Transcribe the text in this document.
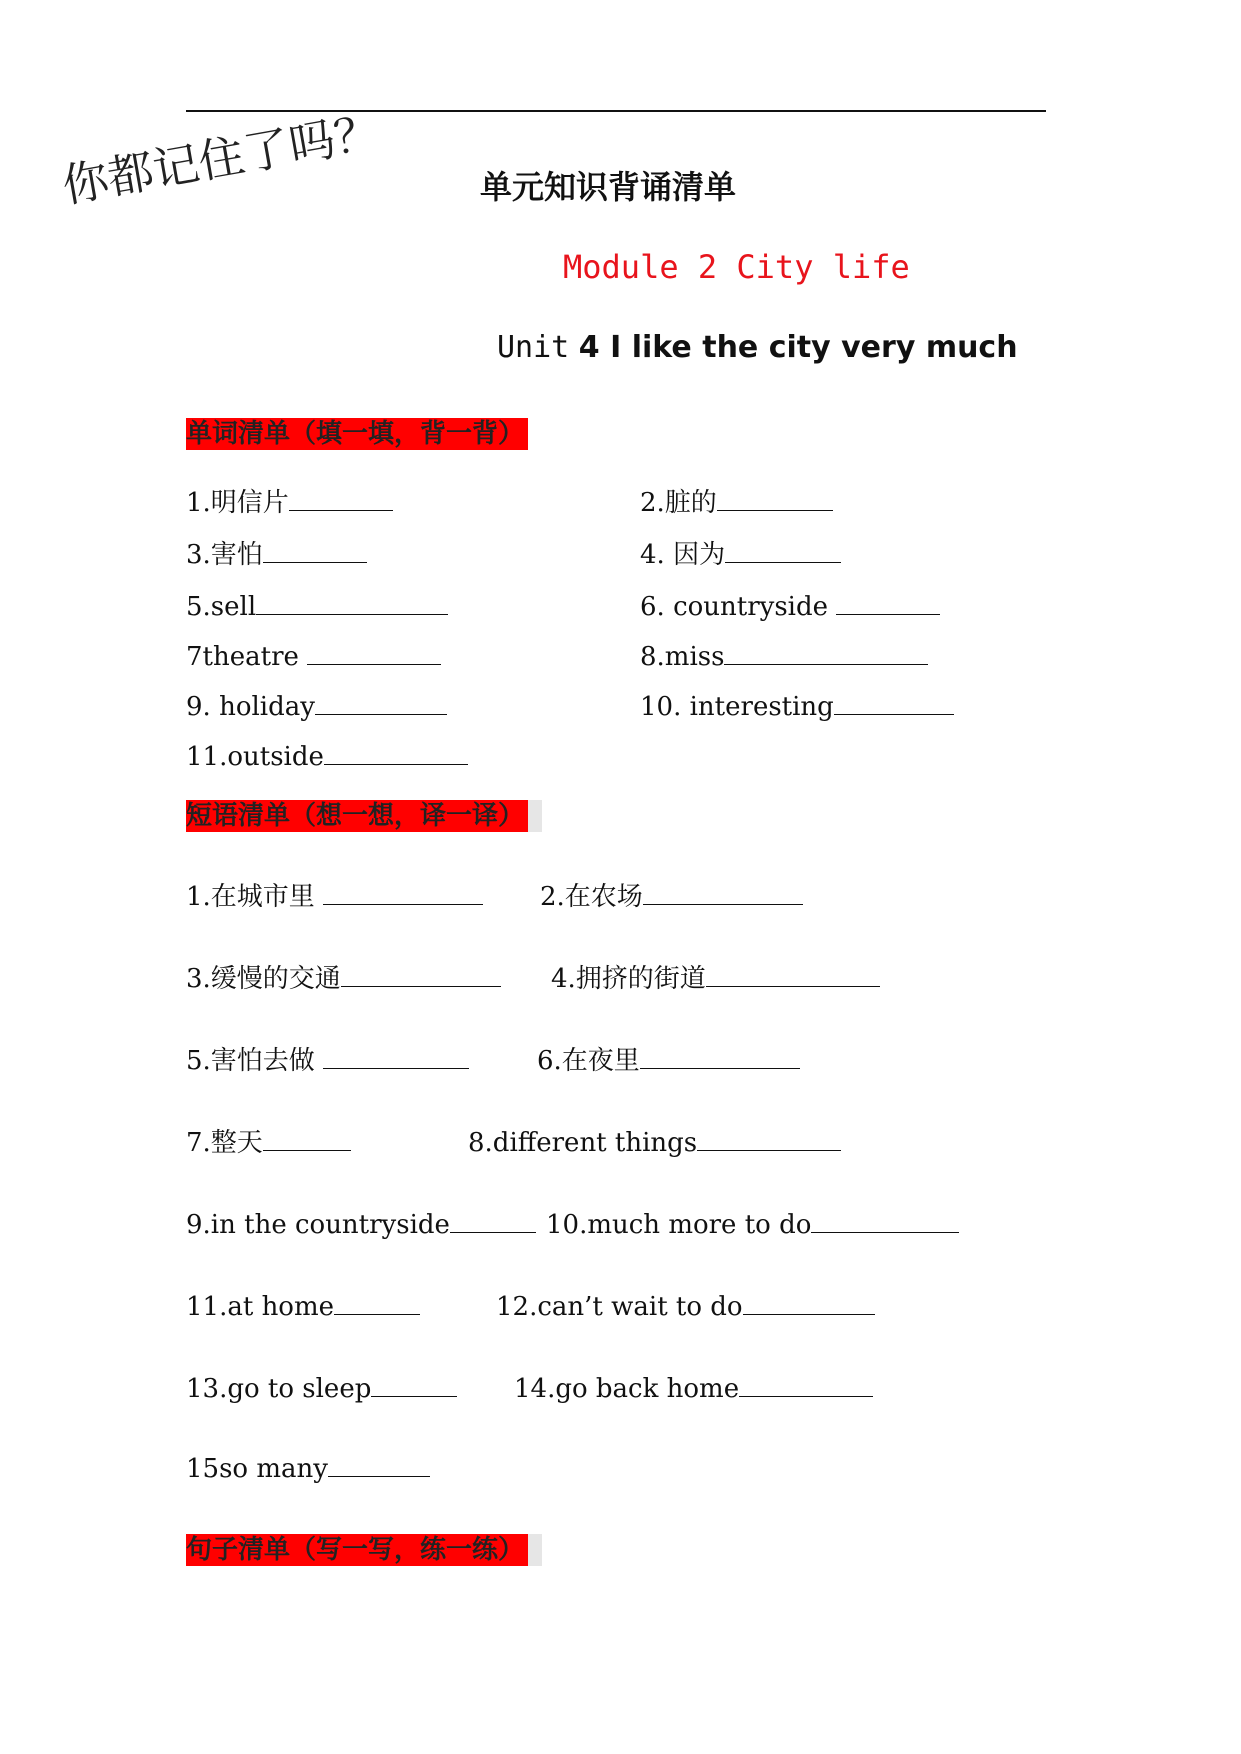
你都记住了吗？	单元知识背诵清单
Module 2 City life
Unit 4 I like the city very much
单词清单（填一填，背一背）
1.明信片	2.脏的
3.害怕	4. 因为
5.sell	6. countryside
7theatre	8.miss
9. holiday	10. interesting
11.outside
短语清单（想一想，译一译）
1.在城市里	2.在农场
3.缓慢的交通	4.拥挤的街道
5.害怕去做	6.在夜里
7.整天	8.different things
9.in the countryside	10.much more to do
11.at home	12.can’t wait to do
13.go to sleep	14.go back home
15so many
句子清单（写一写，练一练）
